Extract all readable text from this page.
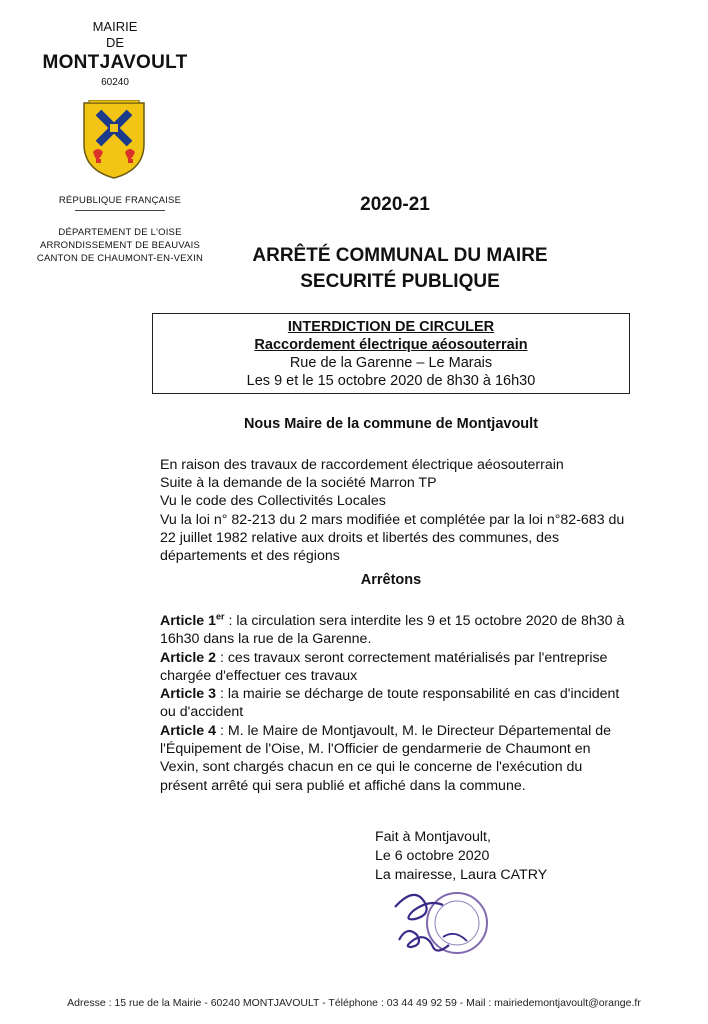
MAIRIE
DE
MONTJAVOULT
60240
RÉPUBLIQUE FRANÇAISE
DÉPARTEMENT DE L'OISE
ARRONDISSEMENT DE BEAUVAIS
CANTON DE CHAUMONT-EN-VEXIN
2020-21
ARRÊTÉ COMMUNAL DU MAIRE
SECURITÉ PUBLIQUE
INTERDICTION DE CIRCULER
Raccordement électrique aéosouterrain
Rue de la Garenne – Le Marais
Les 9 et le 15 octobre 2020 de 8h30 à 16h30
Nous Maire de la commune de Montjavoult
En raison des travaux de raccordement électrique aéosouterrain
Suite à la demande de la société Marron TP
Vu le code des Collectivités Locales
Vu la loi n° 82-213 du 2 mars modifiée et complétée par la loi n°82-683 du 22 juillet 1982 relative aux droits et libertés des communes, des départements et des régions
Arrêtons

Article 1er : la circulation sera interdite les 9 et 15 octobre 2020 de 8h30 à 16h30 dans la rue de la Garenne.

Article 2 : ces travaux seront correctement matérialisés par l'entreprise chargée d'effectuer ces travaux

Article 3 : la mairie se décharge de toute responsabilité en cas d'incident ou d'accident

Article 4 : M. le Maire de Montjavoult, M. le Directeur Départemental de l'Équipement de l'Oise, M. l'Officier de gendarmerie de Chaumont en Vexin, sont chargés chacun en ce qui le concerne de l'exécution du présent arrêté qui sera publié et affiché dans la commune.

Fait à Montjavoult,
Le 6 octobre 2020
La mairesse, Laura CATRY
Adresse : 15 rue de la Mairie - 60240 MONTJAVOULT - Téléphone : 03 44 49 92 59 - Mail : mairiedemontjavoult@orange.fr
